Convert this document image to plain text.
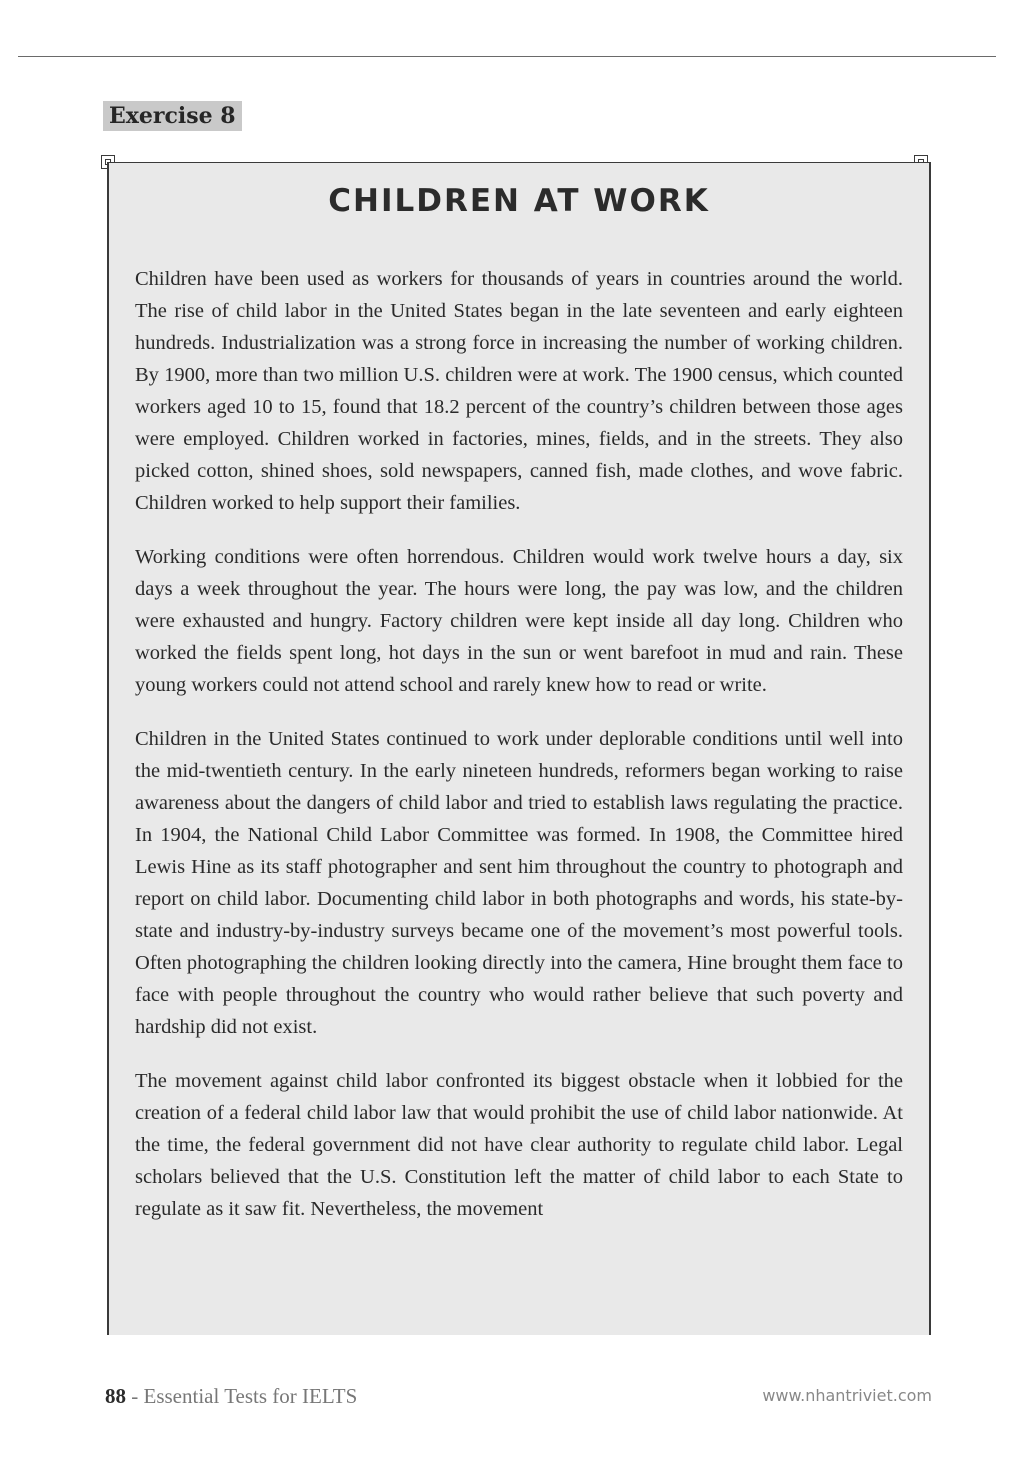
Exercise 8
CHILDREN AT WORK

Children have been used as workers for thousands of years in countries around the world. The rise of child labor in the United States began in the late seventeen and early eighteen hundreds. Industrialization was a strong force in increasing the number of working children. By 1900, more than two million U.S. children were at work. The 1900 census, which counted workers aged 10 to 15, found that 18.2 percent of the country’s children between those ages were employed. Children worked in factories, mines, fields, and in the streets. They also picked cotton, shined shoes, sold newspapers, canned fish, made clothes, and wove fabric. Children worked to help support their families.

Working conditions were often horrendous. Children would work twelve hours a day, six days a week throughout the year. The hours were long, the pay was low, and the children were exhausted and hungry. Factory children were kept inside all day long. Children who worked the fields spent long, hot days in the sun or went barefoot in mud and rain. These young workers could not attend school and rarely knew how to read or write.

Children in the United States continued to work under deplorable conditions until well into the mid-twentieth century. In the early nineteen hundreds, reformers began working to raise awareness about the dangers of child labor and tried to establish laws regulating the practice. In 1904, the National Child Labor Committee was formed. In 1908, the Committee hired Lewis Hine as its staff photographer and sent him throughout the country to photograph and report on child labor. Documenting child labor in both photographs and words, his state-by-state and industry-by-industry surveys became one of the movement’s most powerful tools. Often photographing the children looking directly into the camera, Hine brought them face to face with people throughout the country who would rather believe that such poverty and hardship did not exist.

The movement against child labor confronted its biggest obstacle when it lobbied for the creation of a federal child labor law that would prohibit the use of child labor nationwide. At the time, the federal government did not have clear authority to regulate child labor. Legal scholars believed that the U.S. Constitution left the matter of child labor to each State to regulate as it saw fit. Nevertheless, the movement

88 - Essential Tests for IELTS	www.nhantriviet.com
